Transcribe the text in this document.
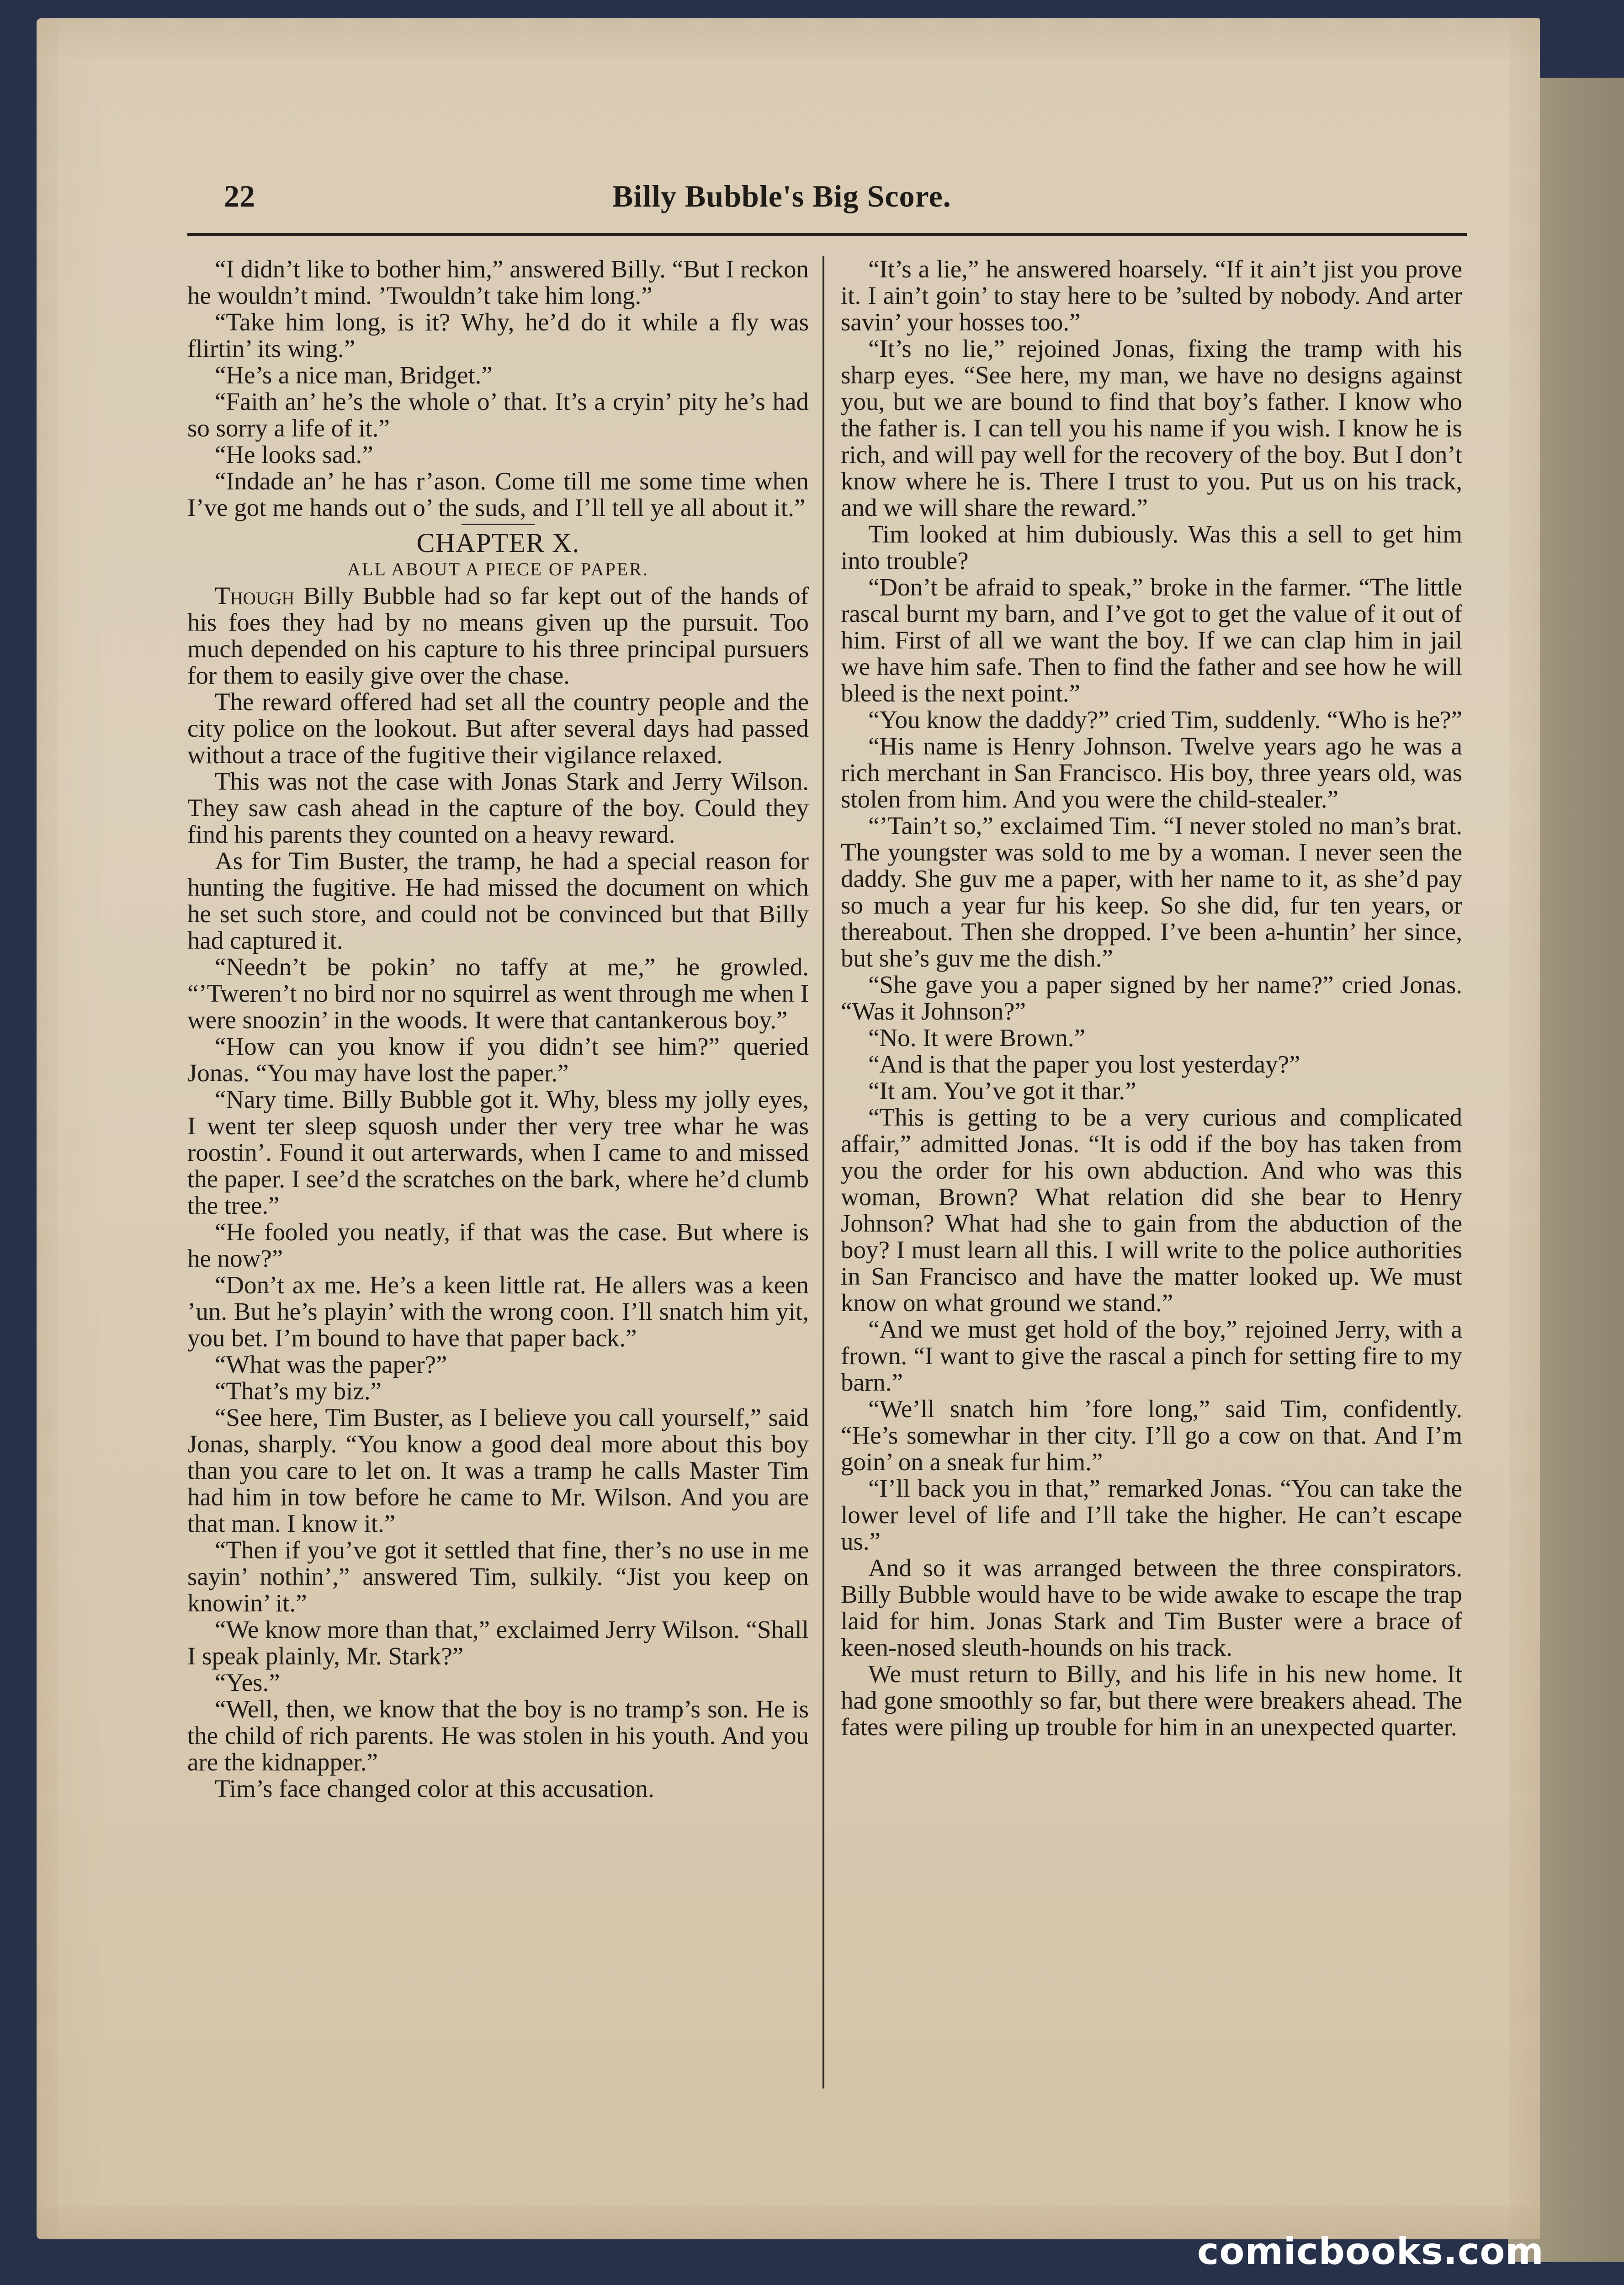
22	Billy Bubble's Big Score.

“I didn’t like to bother him,” answered Billy. “But I reckon he wouldn’t mind. ’Twouldn’t take him long.”

“Take him long, is it? Why, he’d do it while a fly was flirtin’ its wing.”

“He’s a nice man, Bridget.”

“Faith an’ he’s the whole o’ that. It’s a cryin’ pity he’s had so sorry a life of it.”

“He looks sad.”

“Indade an’ he has r’ason. Come till me some time when I’ve got me hands out o’ the suds, and I’ll tell ye all about it.”

CHAPTER X.

ALL ABOUT A PIECE OF PAPER.

Though Billy Bubble had so far kept out of the hands of his foes they had by no means given up the pursuit. Too much depended on his capture to his three principal pursuers for them to easily give over the chase.

The reward offered had set all the country people and the city police on the lookout. But after several days had passed without a trace of the fugitive their vigilance relaxed.

This was not the case with Jonas Stark and Jerry Wilson. They saw cash ahead in the capture of the boy. Could they find his parents they counted on a heavy reward.

As for Tim Buster, the tramp, he had a special reason for hunting the fugitive. He had missed the document on which he set such store, and could not be convinced but that Billy had captured it.

“Needn’t be pokin’ no taffy at me,” he growled. “’Tweren’t no bird nor no squirrel as went through me when I were snoozin’ in the woods. It were that cantankerous boy.”

“How can you know if you didn’t see him?” queried Jonas. “You may have lost the paper.”

“Nary time. Billy Bubble got it. Why, bless my jolly eyes, I went ter sleep squosh under ther very tree whar he was roostin’. Found it out arterwards, when I came to and missed the paper. I see’d the scratches on the bark, where he’d clumb the tree.”

“He fooled you neatly, if that was the case. But where is he now?”

“Don’t ax me. He’s a keen little rat. He allers was a keen ’un. But he’s playin’ with the wrong coon. I’ll snatch him yit, you bet. I’m bound to have that paper back.”

“What was the paper?”

“That’s my biz.”

“See here, Tim Buster, as I believe you call yourself,” said Jonas, sharply. “You know a good deal more about this boy than you care to let on. It was a tramp he calls Master Tim had him in tow before he came to Mr. Wilson. And you are that man. I know it.”

“Then if you’ve got it settled that fine, ther’s no use in me sayin’ nothin’,” answered Tim, sulkily. “Jist you keep on knowin’ it.”

“We know more than that,” exclaimed Jerry Wilson. “Shall I speak plainly, Mr. Stark?”

“Yes.”

“Well, then, we know that the boy is no tramp’s son. He is the child of rich parents. He was stolen in his youth. And you are the kidnapper.”

Tim’s face changed color at this accusation.

“It’s a lie,” he answered hoarsely. “If it ain’t jist you prove it. I ain’t goin’ to stay here to be ’sulted by nobody. And arter savin’ your hosses too.”

“It’s no lie,” rejoined Jonas, fixing the tramp with his sharp eyes. “See here, my man, we have no designs against you, but we are bound to find that boy’s father. I know who the father is. I can tell you his name if you wish. I know he is rich, and will pay well for the recovery of the boy. But I don’t know where he is. There I trust to you. Put us on his track, and we will share the reward.”

Tim looked at him dubiously. Was this a sell to get him into trouble?

“Don’t be afraid to speak,” broke in the farmer. “The little rascal burnt my barn, and I’ve got to get the value of it out of him. First of all we want the boy. If we can clap him in jail we have him safe. Then to find the father and see how he will bleed is the next point.”

“You know the daddy?” cried Tim, suddenly. “Who is he?”

“His name is Henry Johnson. Twelve years ago he was a rich merchant in San Francisco. His boy, three years old, was stolen from him. And you were the child-stealer.”

“’Tain’t so,” exclaimed Tim. “I never stoled no man’s brat. The youngster was sold to me by a woman. I never seen the daddy. She guv me a paper, with her name to it, as she’d pay so much a year fur his keep. So she did, fur ten years, or thereabout. Then she dropped. I’ve been a-huntin’ her since, but she’s guv me the dish.”

“She gave you a paper signed by her name?” cried Jonas. “Was it Johnson?”

“No. It were Brown.”

“And is that the paper you lost yesterday?”

“It am. You’ve got it thar.”

“This is getting to be a very curious and complicated affair,” admitted Jonas. “It is odd if the boy has taken from you the order for his own abduction. And who was this woman, Brown? What relation did she bear to Henry Johnson? What had she to gain from the abduction of the boy? I must learn all this. I will write to the police authorities in San Francisco and have the matter looked up. We must know on what ground we stand.”

“And we must get hold of the boy,” rejoined Jerry, with a frown. “I want to give the rascal a pinch for setting fire to my barn.”

“We’ll snatch him ’fore long,” said Tim, confidently. “He’s somewhar in ther city. I’ll go a cow on that. And I’m goin’ on a sneak fur him.”

“I’ll back you in that,” remarked Jonas. “You can take the lower level of life and I’ll take the higher. He can’t escape us.”

And so it was arranged between the three conspirators. Billy Bubble would have to be wide awake to escape the trap laid for him. Jonas Stark and Tim Buster were a brace of keen-nosed sleuth-hounds on his track.

We must return to Billy, and his life in his new home. It had gone smoothly so far, but there were breakers ahead. The fates were piling up trouble for him in an unexpected quarter.

comicbooks.com
